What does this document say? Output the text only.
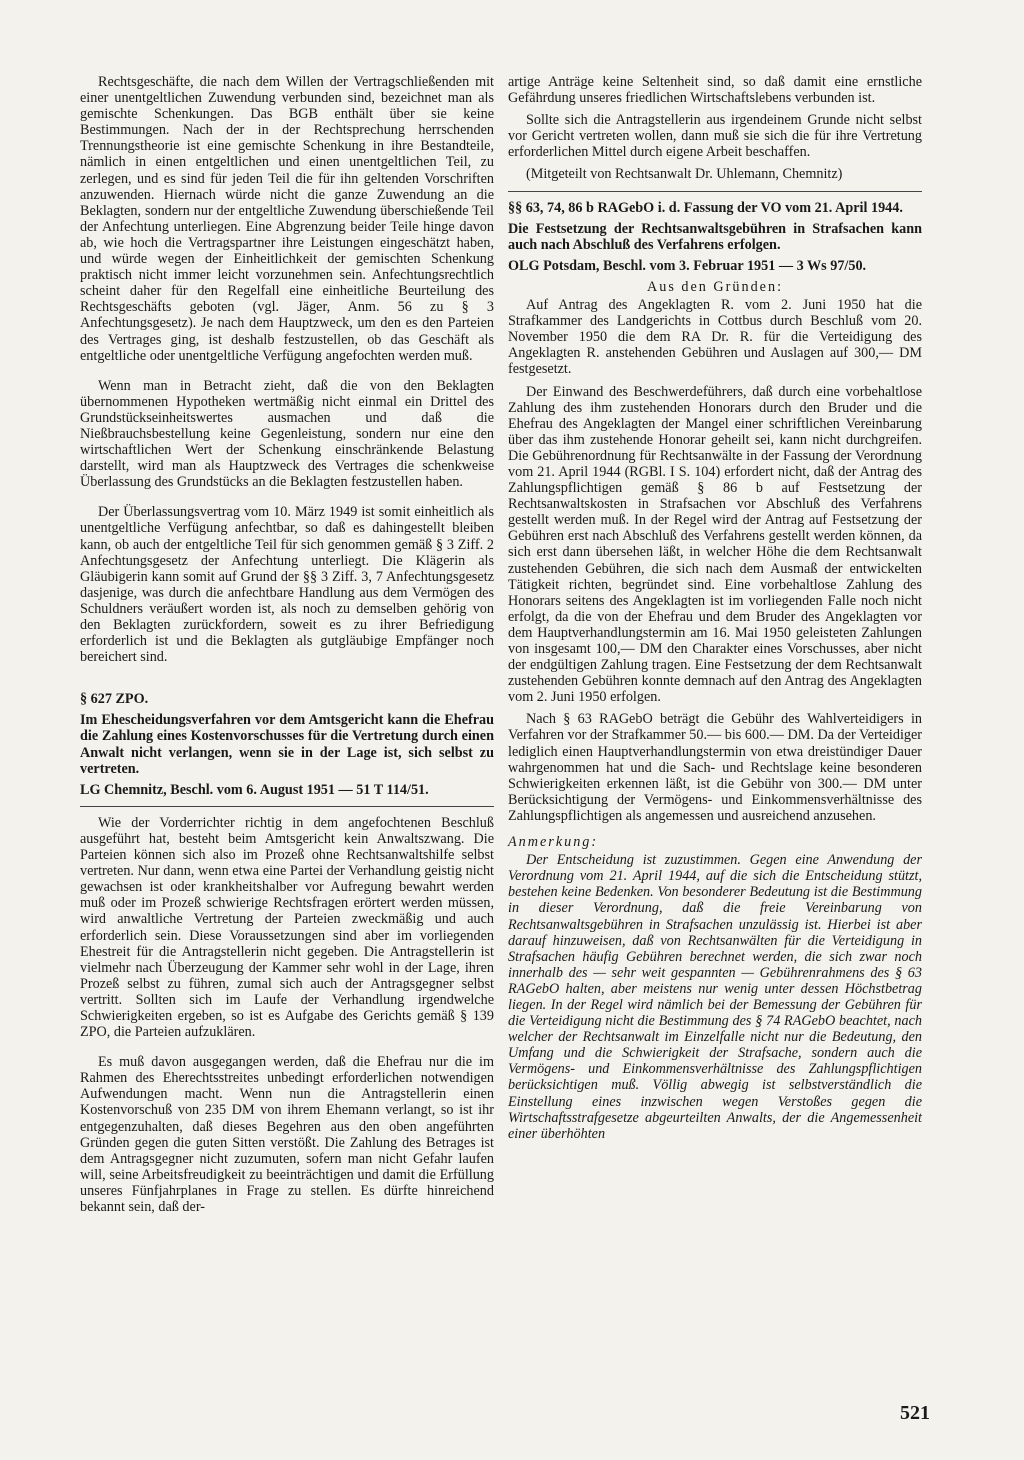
Rechtsgeschäfte, die nach dem Willen der Vertragschließenden mit einer unentgeltlichen Zuwendung verbunden sind, bezeichnet man als gemischte Schenkungen. Das BGB enthält über sie keine Bestimmungen. Nach der in der Rechtsprechung herrschenden Trennungstheorie ist eine gemischte Schenkung in ihre Bestandteile, nämlich in einen entgeltlichen und einen unentgeltlichen Teil, zu zerlegen, und es sind für jeden Teil die für ihn geltenden Vorschriften anzuwenden. Hiernach würde nicht die ganze Zuwendung an die Beklagten, sondern nur der entgeltliche Zuwendung überschießende Teil der Anfechtung unterliegen. Eine Abgrenzung beider Teile hinge davon ab, wie hoch die Vertragspartner ihre Leistungen eingeschätzt haben, und würde wegen der Einheitlichkeit der gemischten Schenkung praktisch nicht immer leicht vorzunehmen sein. Anfechtungsrechtlich scheint daher für den Regelfall eine einheitliche Beurteilung des Rechtsgeschäfts geboten (vgl. Jäger, Anm. 56 zu § 3 Anfechtungsgesetz). Je nach dem Hauptzweck, um den es den Parteien des Vertrages ging, ist deshalb festzustellen, ob das Geschäft als entgeltliche oder unentgeltliche Verfügung angefochten werden muß.

Wenn man in Betracht zieht, daß die von den Beklagten übernommenen Hypotheken wertmäßig nicht einmal ein Drittel des Grundstückseinheitswertes ausmachen und daß die Nießbrauchsbestellung keine Gegenleistung, sondern nur eine den wirtschaftlichen Wert der Schenkung einschränkende Belastung darstellt, wird man als Hauptzweck des Vertrages die schenkweise Überlassung des Grundstücks an die Beklagten festzustellen haben.

Der Überlassungsvertrag vom 10. März 1949 ist somit einheitlich als unentgeltliche Verfügung anfechtbar, so daß es dahingestellt bleiben kann, ob auch der entgeltliche Teil für sich genommen gemäß § 3 Ziff. 2 Anfechtungsgesetz der Anfechtung unterliegt. Die Klägerin als Gläubigerin kann somit auf Grund der §§ 3 Ziff. 3, 7 Anfechtungsgesetz dasjenige, was durch die anfechtbare Handlung aus dem Vermögen des Schuldners veräußert worden ist, als noch zu demselben gehörig von den Beklagten zurückfordern, soweit es zu ihrer Befriedigung erforderlich ist und die Beklagten als gutgläubige Empfänger noch bereichert sind.

§ 627 ZPO.

Im Ehescheidungsverfahren vor dem Amtsgericht kann die Ehefrau die Zahlung eines Kostenvorschusses für die Vertretung durch einen Anwalt nicht verlangen, wenn sie in der Lage ist, sich selbst zu vertreten.

LG Chemnitz, Beschl. vom 6. August 1951 — 51 T 114/51.

Wie der Vorderrichter richtig in dem angefochtenen Beschluß ausgeführt hat, besteht beim Amtsgericht kein Anwaltszwang. Die Parteien können sich also im Prozeß ohne Rechtsanwaltshilfe selbst vertreten. Nur dann, wenn etwa eine Partei der Verhandlung geistig nicht gewachsen ist oder krankheitshalber vor Aufregung bewahrt werden muß oder im Prozeß schwierige Rechtsfragen erörtert werden müssen, wird anwaltliche Vertretung der Parteien zweckmäßig und auch erforderlich sein. Diese Voraussetzungen sind aber im vorliegenden Ehestreit für die Antragstellerin nicht gegeben. Die Antragstellerin ist vielmehr nach Überzeugung der Kammer sehr wohl in der Lage, ihren Prozeß selbst zu führen, zumal sich auch der Antragsgegner selbst vertritt. Sollten sich im Laufe der Verhandlung irgendwelche Schwierigkeiten ergeben, so ist es Aufgabe des Gerichts gemäß § 139 ZPO, die Parteien aufzuklären.

Es muß davon ausgegangen werden, daß die Ehefrau nur die im Rahmen des Eherechtsstreites unbedingt erforderlichen notwendigen Aufwendungen macht. Wenn nun die Antragstellerin einen Kostenvorschuß von 235 DM von ihrem Ehemann verlangt, so ist ihr entgegenzuhalten, daß dieses Begehren aus den oben angeführten Gründen gegen die guten Sitten verstößt. Die Zahlung des Betrages ist dem Antragsgegner nicht zuzumuten, sofern man nicht Gefahr laufen will, seine Arbeitsfreudigkeit zu beeinträchtigen und damit die Erfüllung unseres Fünfjahrplanes in Frage zu stellen. Es dürfte hinreichend bekannt sein, daß der-

artige Anträge keine Seltenheit sind, so daß damit eine ernstliche Gefährdung unseres friedlichen Wirtschaftslebens verbunden ist.

Sollte sich die Antragstellerin aus irgendeinem Grunde nicht selbst vor Gericht vertreten wollen, dann muß sie sich die für ihre Vertretung erforderlichen Mittel durch eigene Arbeit beschaffen.

(Mitgeteilt von Rechtsanwalt Dr. Uhlemann, Chemnitz)

§§ 63, 74, 86 b RAGebO i. d. Fassung der VO vom 21. April 1944.

Die Festsetzung der Rechtsanwaltsgebühren in Strafsachen kann auch nach Abschluß des Verfahrens erfolgen.

OLG Potsdam, Beschl. vom 3. Februar 1951 — 3 Ws 97/50.

Aus den Gründen:

Auf Antrag des Angeklagten R. vom 2. Juni 1950 hat die Strafkammer des Landgerichts in Cottbus durch Beschluß vom 20. November 1950 die dem RA Dr. R. für die Verteidigung des Angeklagten R. anstehenden Gebühren und Auslagen auf 300,— DM festgesetzt.

Der Einwand des Beschwerdeführers, daß durch eine vorbehaltlose Zahlung des ihm zustehenden Honorars durch den Bruder und die Ehefrau des Angeklagten der Mangel einer schriftlichen Vereinbarung über das ihm zustehende Honorar geheilt sei, kann nicht durchgreifen. Die Gebührenordnung für Rechtsanwälte in der Fassung der Verordnung vom 21. April 1944 (RGBl. I S. 104) erfordert nicht, daß der Antrag des Zahlungspflichtigen gemäß § 86 b auf Festsetzung der Rechtsanwaltskosten in Strafsachen vor Abschluß des Verfahrens gestellt werden muß. In der Regel wird der Antrag auf Festsetzung der Gebühren erst nach Abschluß des Verfahrens gestellt werden können, da sich erst dann übersehen läßt, in welcher Höhe die dem Rechtsanwalt zustehenden Gebühren, die sich nach dem Ausmaß der entwickelten Tätigkeit richten, begründet sind. Eine vorbehaltlose Zahlung des Honorars seitens des Angeklagten ist im vorliegenden Falle noch nicht erfolgt, da die von der Ehefrau und dem Bruder des Angeklagten vor dem Hauptverhandlungstermin am 16. Mai 1950 geleisteten Zahlungen von insgesamt 100,— DM den Charakter eines Vorschusses, aber nicht der endgültigen Zahlung tragen. Eine Festsetzung der dem Rechtsanwalt zustehenden Gebühren konnte demnach auf den Antrag des Angeklagten vom 2. Juni 1950 erfolgen.

Nach § 63 RAGebO beträgt die Gebühr des Wahlverteidigers in Verfahren vor der Strafkammer 50.— bis 600.— DM. Da der Verteidiger lediglich einen Hauptverhandlungstermin von etwa dreistündiger Dauer wahrgenommen hat und die Sach- und Rechtslage keine besonderen Schwierigkeiten erkennen läßt, ist die Gebühr von 300.— DM unter Berücksichtigung der Vermögens- und Einkommensverhältnisse des Zahlungspflichtigen als angemessen und ausreichend anzusehen.

Anmerkung:

Der Entscheidung ist zuzustimmen. Gegen eine Anwendung der Verordnung vom 21. April 1944, auf die sich die Entscheidung stützt, bestehen keine Bedenken. Von besonderer Bedeutung ist die Bestimmung in dieser Verordnung, daß die freie Vereinbarung von Rechtsanwaltsgebühren in Strafsachen unzulässig ist. Hierbei ist aber darauf hinzuweisen, daß von Rechtsanwälten für die Verteidigung in Strafsachen häufig Gebühren berechnet werden, die sich zwar noch innerhalb des — sehr weit gespannten — Gebührenrahmens des § 63 RAGebO halten, aber meistens nur wenig unter dessen Höchstbetrag liegen. In der Regel wird nämlich bei der Bemessung der Gebühren für die Verteidigung nicht die Bestimmung des § 74 RAGebO beachtet, nach welcher der Rechtsanwalt im Einzelfalle nicht nur die Bedeutung, den Umfang und die Schwierigkeit der Strafsache, sondern auch die Vermögens- und Einkommensverhältnisse des Zahlungspflichtigen berücksichtigen muß. Völlig abwegig ist selbstverständlich die Einstellung eines inzwischen wegen Verstoßes gegen die Wirtschaftsstrafgesetze abgeurteilten Anwalts, der die Angemessenheit einer überhöhten

521
